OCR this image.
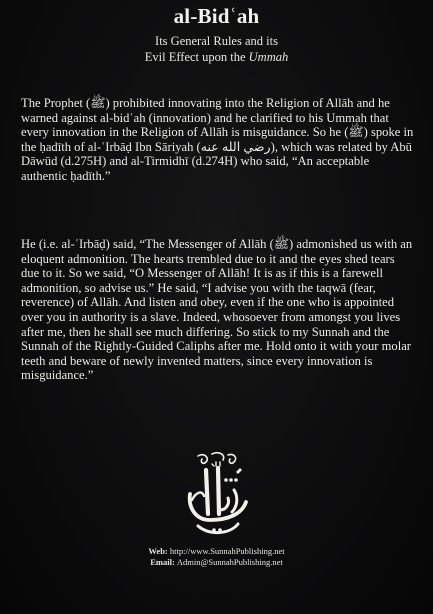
al-Bidʿah
Its General Rules and its
Evil Effect upon the Ummah
The Prophet (ﷺ) prohibited innovating into the Religion of Allāh and he warned against al-bidʿah (innovation) and he clarified to his Ummah that every innovation in the Religion of Allāh is misguidance. So he (ﷺ) spoke in the ḥadīth of al-ʿIrbāḍ Ibn Sāriyah (رضي الله عنه), which was related by Abū Dāwūd (d.275H) and al-Tirmidhī (d.274H) who said, “An acceptable authentic ḥadīth.”
He (i.e. al-ʿIrbāḍ) said, “The Messenger of Allāh (ﷺ) admonished us with an eloquent admonition. The hearts trembled due to it and the eyes shed tears due to it. So we said, “O Messenger of Allāh! It is as if this is a farewell admonition, so advise us.” He said, “I advise you with the taqwā (fear, reverence) of Allāh. And listen and obey, even if the one who is appointed over you in authority is a slave. Indeed, whosoever from amongst you lives after me, then he shall see much differing. So stick to my Sunnah and the Sunnah of the Rightly-Guided Caliphs after me. Hold onto it with your molar teeth and beware of newly invented matters, since every innovation is misguidance.”
Web: http://www.SunnahPublishing.net
Email: Admin@SunnahPublishing.net
